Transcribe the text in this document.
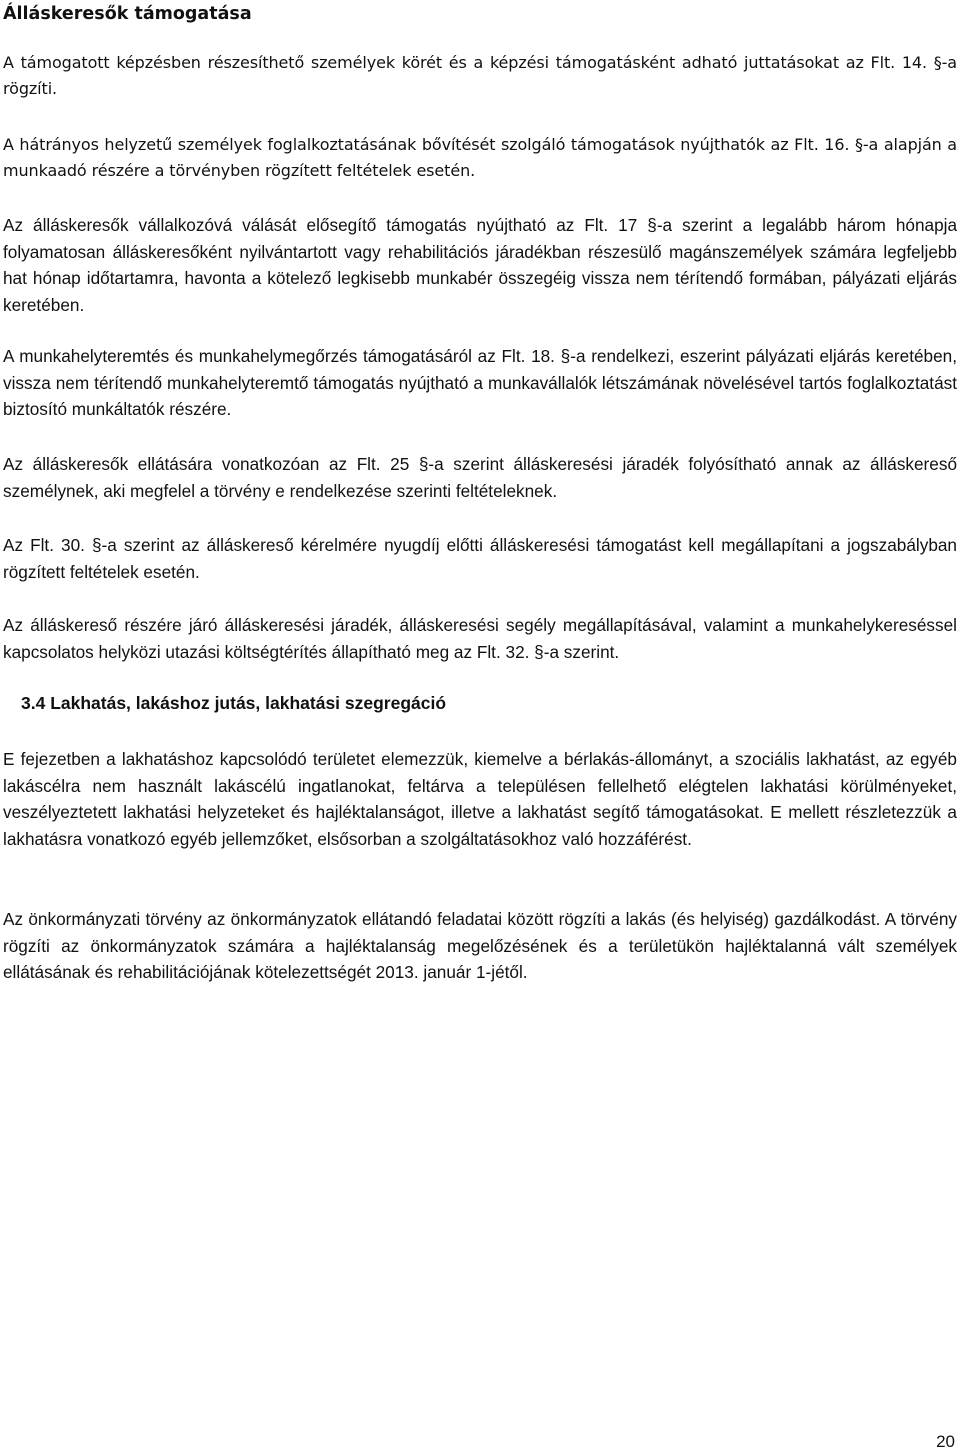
Álláskeresők támogatása

A támogatott képzésben részesíthető személyek körét és a képzési támogatásként adható juttatásokat az Flt. 14. §-a rögzíti.

A hátrányos helyzetű személyek foglalkoztatásának bővítését szolgáló támogatások nyújthatók az Flt. 16. §-a alapján a munkaadó részére a törvényben rögzített feltételek esetén.

Az álláskeresők vállalkozóvá válását elősegítő támogatás nyújtható az Flt. 17 §-a szerint a legalább három hónapja folyamatosan álláskeresőként nyilvántartott vagy rehabilitációs járadékban részesülő magánszemélyek számára legfeljebb hat hónap időtartamra, havonta a kötelező legkisebb munkabér összegéig vissza nem térítendő formában, pályázati eljárás keretében.

A munkahelyteremtés és munkahelymegőrzés támogatásáról az Flt. 18. §-a rendelkezi, eszerint pályázati eljárás keretében, vissza nem térítendő munkahelyteremtő támogatás nyújtható a munkavállalók létszámának növelésével tartós foglalkoztatást biztosító munkáltatók részére.

Az álláskeresők ellátására vonatkozóan az Flt. 25 §-a szerint álláskeresési járadék folyósítható annak az álláskereső személynek, aki megfelel a törvény e rendelkezése szerinti feltételeknek.

Az Flt. 30. §-a szerint az álláskereső kérelmére nyugdíj előtti álláskeresési támogatást kell megállapítani a jogszabályban rögzített feltételek esetén.

Az álláskereső részére járó álláskeresési járadék, álláskeresési segély megállapításával, valamint a munkahelykereséssel kapcsolatos helyközi utazási költségtérítés állapítható meg az Flt. 32. §-a szerint.

3.4 Lakhatás, lakáshoz jutás, lakhatási szegregáció

E fejezetben a lakhatáshoz kapcsolódó területet elemezzük, kiemelve a bérlakás-állományt, a szociális lakhatást, az egyéb lakáscélra nem használt lakáscélú ingatlanokat, feltárva a településen fellelhető elégtelen lakhatási körülményeket, veszélyeztetett lakhatási helyzeteket és hajléktalanságot, illetve a lakhatást segítő támogatásokat. E mellett részletezzük a lakhatásra vonatkozó egyéb jellemzőket, elsősorban a szolgáltatásokhoz való hozzáférést.

Az önkormányzati törvény az önkormányzatok ellátandó feladatai között rögzíti a lakás (és helyiség) gazdálkodást. A törvény rögzíti az önkormányzatok számára a hajléktalanság megelőzésének és a területükön hajléktalanná vált személyek ellátásának és rehabilitációjának kötelezettségét 2013. január 1-jétől.

20
